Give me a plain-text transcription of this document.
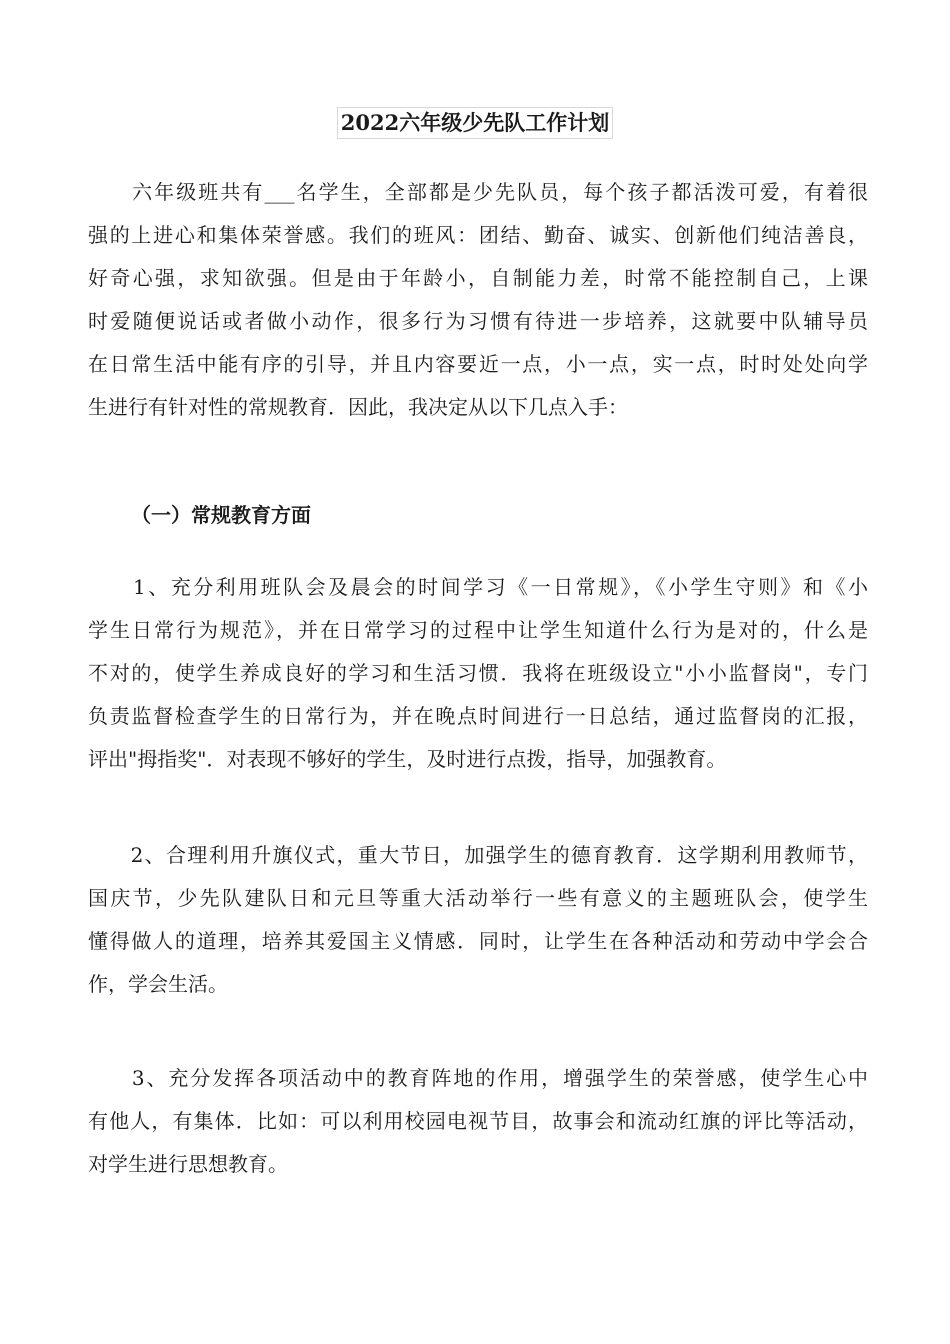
2022六年级少先队工作计划
　　六年级班共有___名学生，全部都是少先队员，每个孩子都活泼可爱，有着很
强的上进心和集体荣誉感。我们的班风：团结、勤奋、诚实、创新他们纯洁善良，
好奇心强，求知欲强。但是由于年龄小，自制能力差，时常不能控制自己，上课
时爱随便说话或者做小动作，很多行为习惯有待进一步培养，这就要中队辅导员
在日常生活中能有序的引导，并且内容要近一点，小一点，实一点，时时处处向学
生进行有针对性的常规教育．因此，我决定从以下几点入手：
（一）常规教育方面
　　1、充分利用班队会及晨会的时间学习《一日常规》，《小学生守则》和《小
学生日常行为规范》，并在日常学习的过程中让学生知道什么行为是对的，什么是
不对的，使学生养成良好的学习和生活习惯．我将在班级设立"小小监督岗"，专门
负责监督检查学生的日常行为，并在晚点时间进行一日总结，通过监督岗的汇报，
评出"拇指奖"．对表现不够好的学生，及时进行点拨，指导，加强教育。
　　2、合理利用升旗仪式，重大节日，加强学生的德育教育．这学期利用教师节，
国庆节，少先队建队日和元旦等重大活动举行一些有意义的主题班队会，使学生
懂得做人的道理，培养其爱国主义情感．同时，让学生在各种活动和劳动中学会合
作，学会生活。
　　3、充分发挥各项活动中的教育阵地的作用，增强学生的荣誉感，使学生心中
有他人，有集体．比如：可以利用校园电视节目，故事会和流动红旗的评比等活动，
对学生进行思想教育。
